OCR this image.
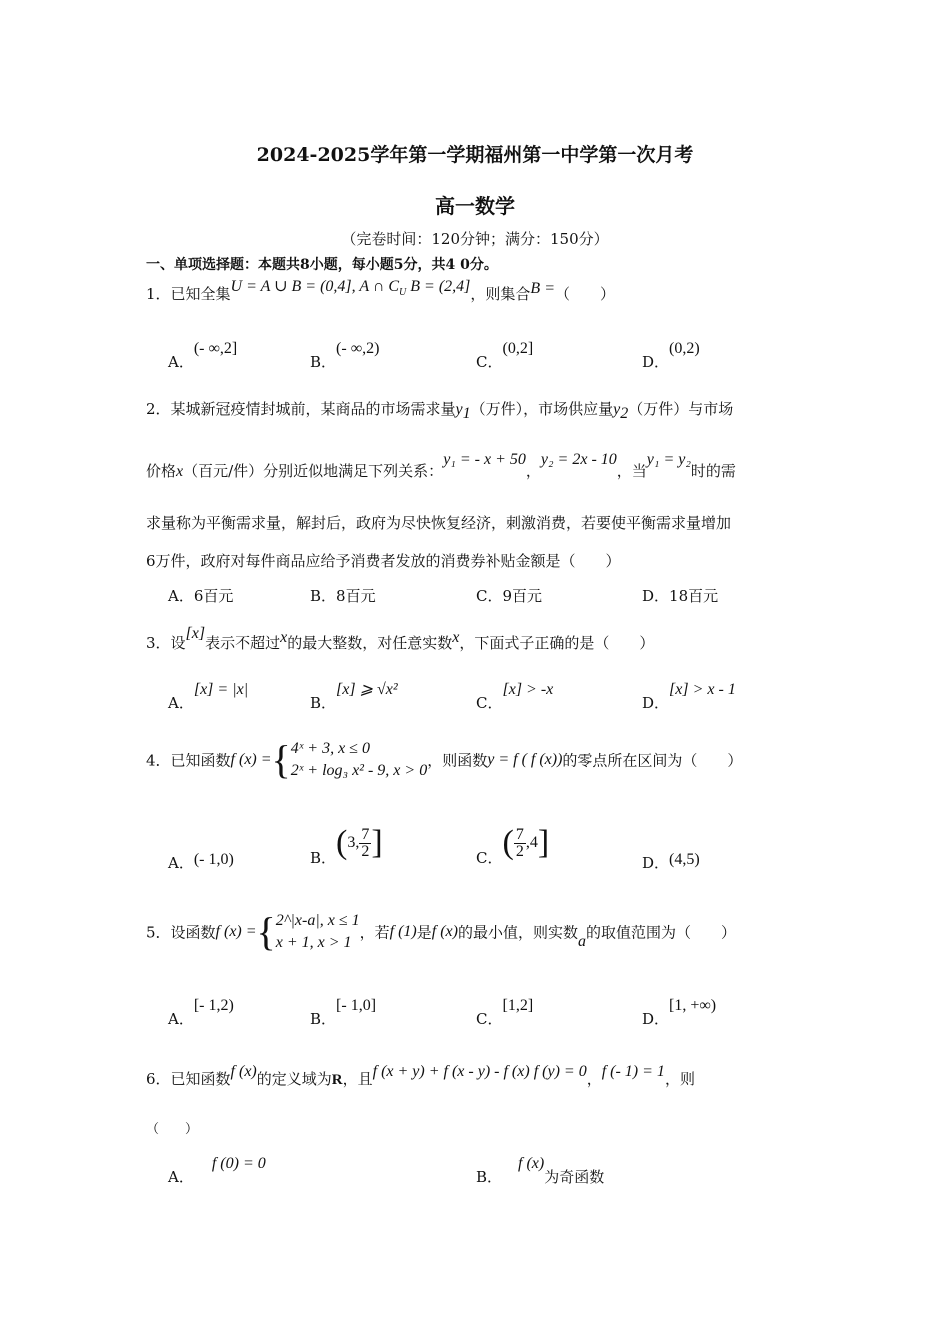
2024-2025学年第一学期福州第一中学第一次月考
高一数学
（完卷时间：120分钟；满分：150分）
一、单项选择题：本题共8小题，每小题5分，共4 0分。
1．已知全集U = A ∪ B = (0,4], A ∩ $C_U$ B = (2,4]，则集合B =（　　）
A．(- ∞,2]
B．(- ∞,2)
C．(0,2]
D．(0,2)
2．某城新冠疫情封城前，某商品的市场需求量$y_1$（万件），市场供应量$y_2$（万件）与市场
价格x（百元/件）分别近似地满足下列关系：y₁ = - x + 50，y₂ = 2x - 10，当y₁ = y₂时的需
求量称为平衡需求量，解封后，政府为尽快恢复经济，刺激消费，若要使平衡需求量增加
6万件，政府对每件商品应给予消费者发放的消费券补贴金额是（　　）
A．6百元	B．8百元	C．9百元	D．18百元
3．设[x]表示不超过x的最大整数，对任意实数x，下面式子正确的是（　　）
A．[x] = |x|
B．[x] ⩾ √x²
C．[x] > -x
D．[x] > x - 1
4．已知函数f (x) ={ 4ˣ + 3, x ≤ 0
2ˣ + log₃ x² - 9, x > 0
，则函数y = f ( f (x))的零点所在区间为（　　）
A．(- 1,0)	B．(3, $\frac{7}{2}$ ]	C．( $\frac{7}{2} ,4$]
D．(4,5)
5．设函数f (x) ={ 2^|x-a|, x ≤ 1
x + 1, x > 1
，若f (1)是f (x)的最小值，则实数a的取值范围为（　　）
A．[- 1,2)
B．[- 1,0]
C．[1,2]
D．[1, +∞)
6．已知函数f (x)的定义域为R，且f (x + y) + f (x - y) - f (x) f (y) = 0，f (- 1) = 1，则
（　　）
A．f (0) = 0
B．f (x)为奇函数
